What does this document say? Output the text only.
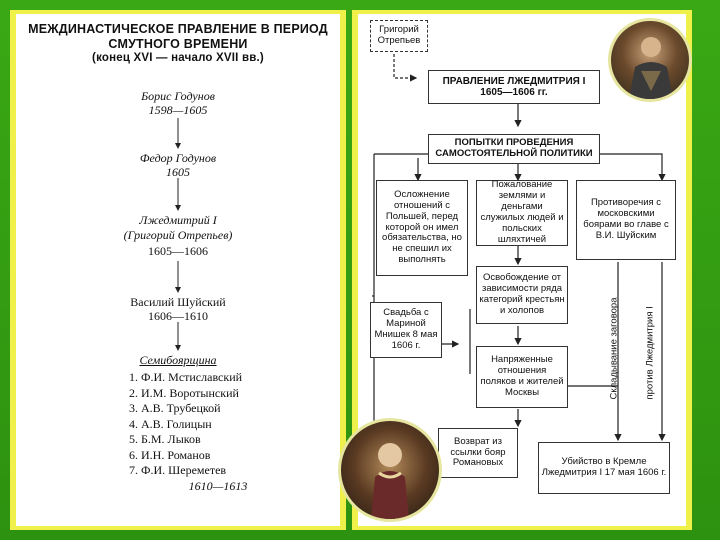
МЕЖДИНАСТИЧЕСКОЕ ПРАВЛЕНИЕ В ПЕРИОД
СМУТНОГО ВРЕМЕНИ
(конец XVI — начало XVII вв.)
Борис Годунов
1598—1605
Федор Годунов
1605
Лжедмитрий I
(Григорий Отрепьев)
1605—1606
Василий Шуйский
1606—1610
Семибоярщина
1. Ф.И. Мстиславский
2. И.М. Воротынский
3. А.В. Трубецкой
4. А.В. Голицын
5. Б.М. Лыков
6. И.Н. Романов
7. Ф.И. Шереметев
1610—1613
Григорий Отрепьев
ПРАВЛЕНИЕ ЛЖЕДМИТРИЯ I
1605—1606 гг.
ПОПЫТКИ ПРОВЕДЕНИЯ
САМОСТОЯТЕЛЬНОЙ ПОЛИТИКИ
Осложнение отношений с Польшей, перед которой он имел обязательства, но не спешил их выполнять
Пожалование землями и деньгами служилых людей и польских шляхтичей
Противоречия с московскими боярами во главе с В.И. Шуйским
Освобождение от зависимости ряда категорий крестьян и холопов
Свадьба с Мариной Мнишек 8 мая 1606 г.
Напряженные отношения поляков и жителей Москвы
Возврат из ссылки бояр Романовых	Убийство в Кремле Лжедмитрия I 17 мая 1606 г.
Складывание заговора	против Лжедмитрия I
